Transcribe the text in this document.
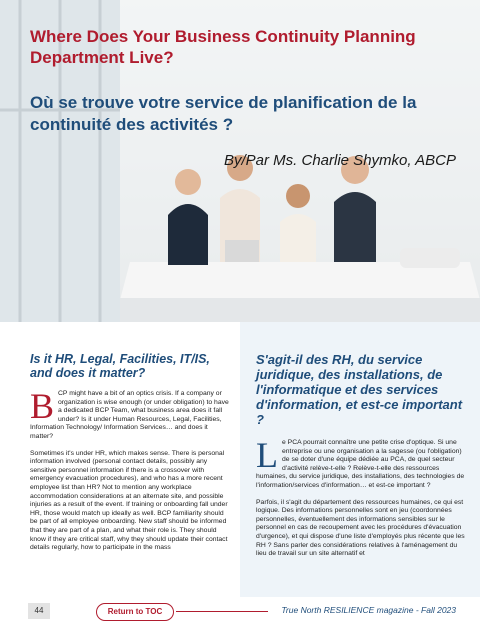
Where Does Your Business Continuity Planning Department Live?
Où se trouve votre service de planification de la continuité des activités ?

By/Par Ms. Charlie Shymko, ABCP

Is it HR, Legal, Facilities, IT/IS, and does it matter?

BCP might have a bit of an optics crisis. If a company or organization is wise enough (or under obligation) to have a dedicated BCP Team, what business area does it fall under? Is it under Human Resources, Legal, Facilities, Information Technology/ Information Services… and does it matter?

Sometimes it's under HR, which makes sense. There is personal information involved (personal contact details, possibly any sensitive personnel information if there is a crossover with emergency evacuation procedures), and who has a more recent employee list than HR? Not to mention any workplace accommodation considerations at an alternate site, and possible injuries as a result of the event. If training or onboarding fall under HR, those would match up ideally as well. BCP familiarity should be part of all employee onboarding. New staff should be informed that they are part of a plan, and what their role is. They should know if they are critical staff, why they should update their contact details regularly, how to participate in the mass

S'agit-il des RH, du service juridique, des installations, de l'informatique et des services d'information, et est-ce important ?

Le PCA pourrait connaître une petite crise d'optique. Si une entreprise ou une organisation a la sagesse (ou l'obligation) de se doter d'une équipe dédiée au PCA, de quel secteur d'activité relève-t-elle ? Relève-t-elle des ressources humaines, du service juridique, des installations, des technologies de l'information/services d'information… et est-ce important ?

Parfois, il s'agit du département des ressources humaines, ce qui est logique. Des informations personnelles sont en jeu (coordonnées personnelles, éventuellement des informations sensibles sur le personnel en cas de recoupement avec les procédures d'évacuation d'urgence), et qui dispose d'une liste d'employés plus récente que les RH ? Sans parler des considérations relatives à l'aménagement du lieu de travail sur un site alternatif et

44	Return to TOC	True North RESILIENCE magazine - Fall 2023
